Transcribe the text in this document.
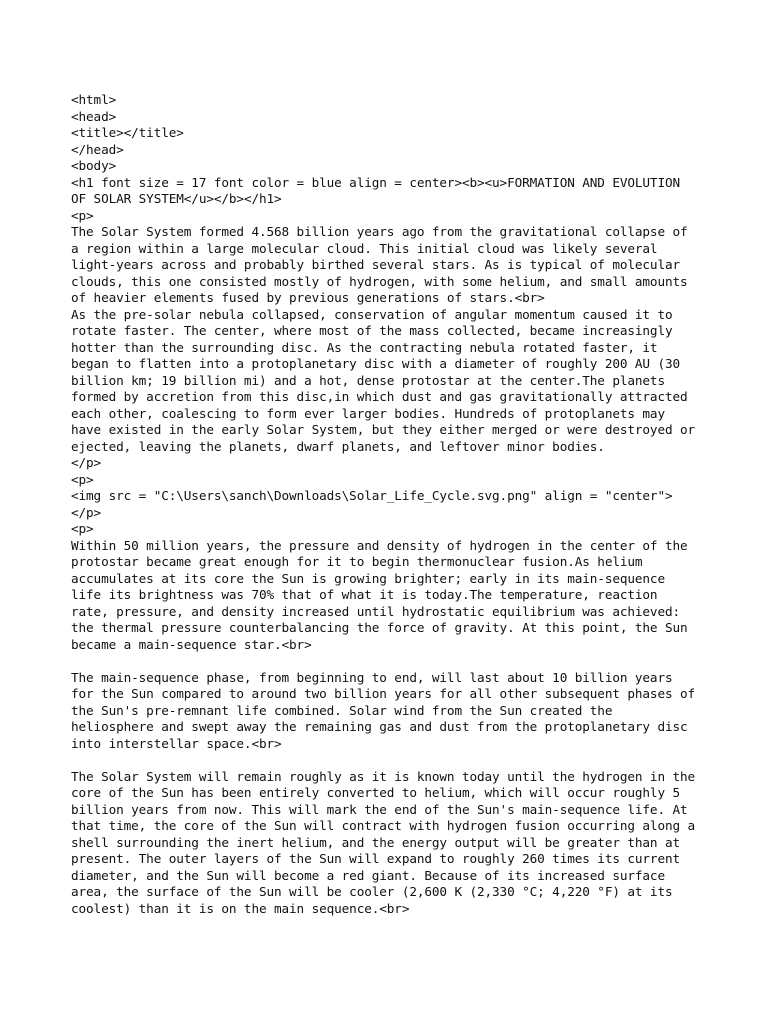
<html>
<head>
<title></title>
</head>
<body>
<h1 font size = 17 font color = blue align = center><b><u>FORMATION AND EVOLUTION
OF SOLAR SYSTEM</u></b></h1>
<p>
The Solar System formed 4.568 billion years ago from the gravitational collapse of
a region within a large molecular cloud. This initial cloud was likely several
light-years across and probably birthed several stars. As is typical of molecular
clouds, this one consisted mostly of hydrogen, with some helium, and small amounts
of heavier elements fused by previous generations of stars.<br>
As the pre-solar nebula collapsed, conservation of angular momentum caused it to
rotate faster. The center, where most of the mass collected, became increasingly
hotter than the surrounding disc. As the contracting nebula rotated faster, it
began to flatten into a protoplanetary disc with a diameter of roughly 200 AU (30
billion km; 19 billion mi) and a hot, dense protostar at the center.The planets
formed by accretion from this disc,in which dust and gas gravitationally attracted
each other, coalescing to form ever larger bodies. Hundreds of protoplanets may
have existed in the early Solar System, but they either merged or were destroyed or
ejected, leaving the planets, dwarf planets, and leftover minor bodies.
</p>
<p>
<img src = "C:\Users\sanch\Downloads\Solar_Life_Cycle.svg.png" align = "center">
</p>
<p>
Within 50 million years, the pressure and density of hydrogen in the center of the
protostar became great enough for it to begin thermonuclear fusion.As helium
accumulates at its core the Sun is growing brighter; early in its main-sequence
life its brightness was 70% that of what it is today.The temperature, reaction
rate, pressure, and density increased until hydrostatic equilibrium was achieved:
the thermal pressure counterbalancing the force of gravity. At this point, the Sun
became a main-sequence star.<br>
The main-sequence phase, from beginning to end, will last about 10 billion years
for the Sun compared to around two billion years for all other subsequent phases of
the Sun's pre-remnant life combined. Solar wind from the Sun created the
heliosphere and swept away the remaining gas and dust from the protoplanetary disc
into interstellar space.<br>
The Solar System will remain roughly as it is known today until the hydrogen in the
core of the Sun has been entirely converted to helium, which will occur roughly 5
billion years from now. This will mark the end of the Sun's main-sequence life. At
that time, the core of the Sun will contract with hydrogen fusion occurring along a
shell surrounding the inert helium, and the energy output will be greater than at
present. The outer layers of the Sun will expand to roughly 260 times its current
diameter, and the Sun will become a red giant. Because of its increased surface
area, the surface of the Sun will be cooler (2,600 K (2,330 °C; 4,220 °F) at its
coolest) than it is on the main sequence.<br>
